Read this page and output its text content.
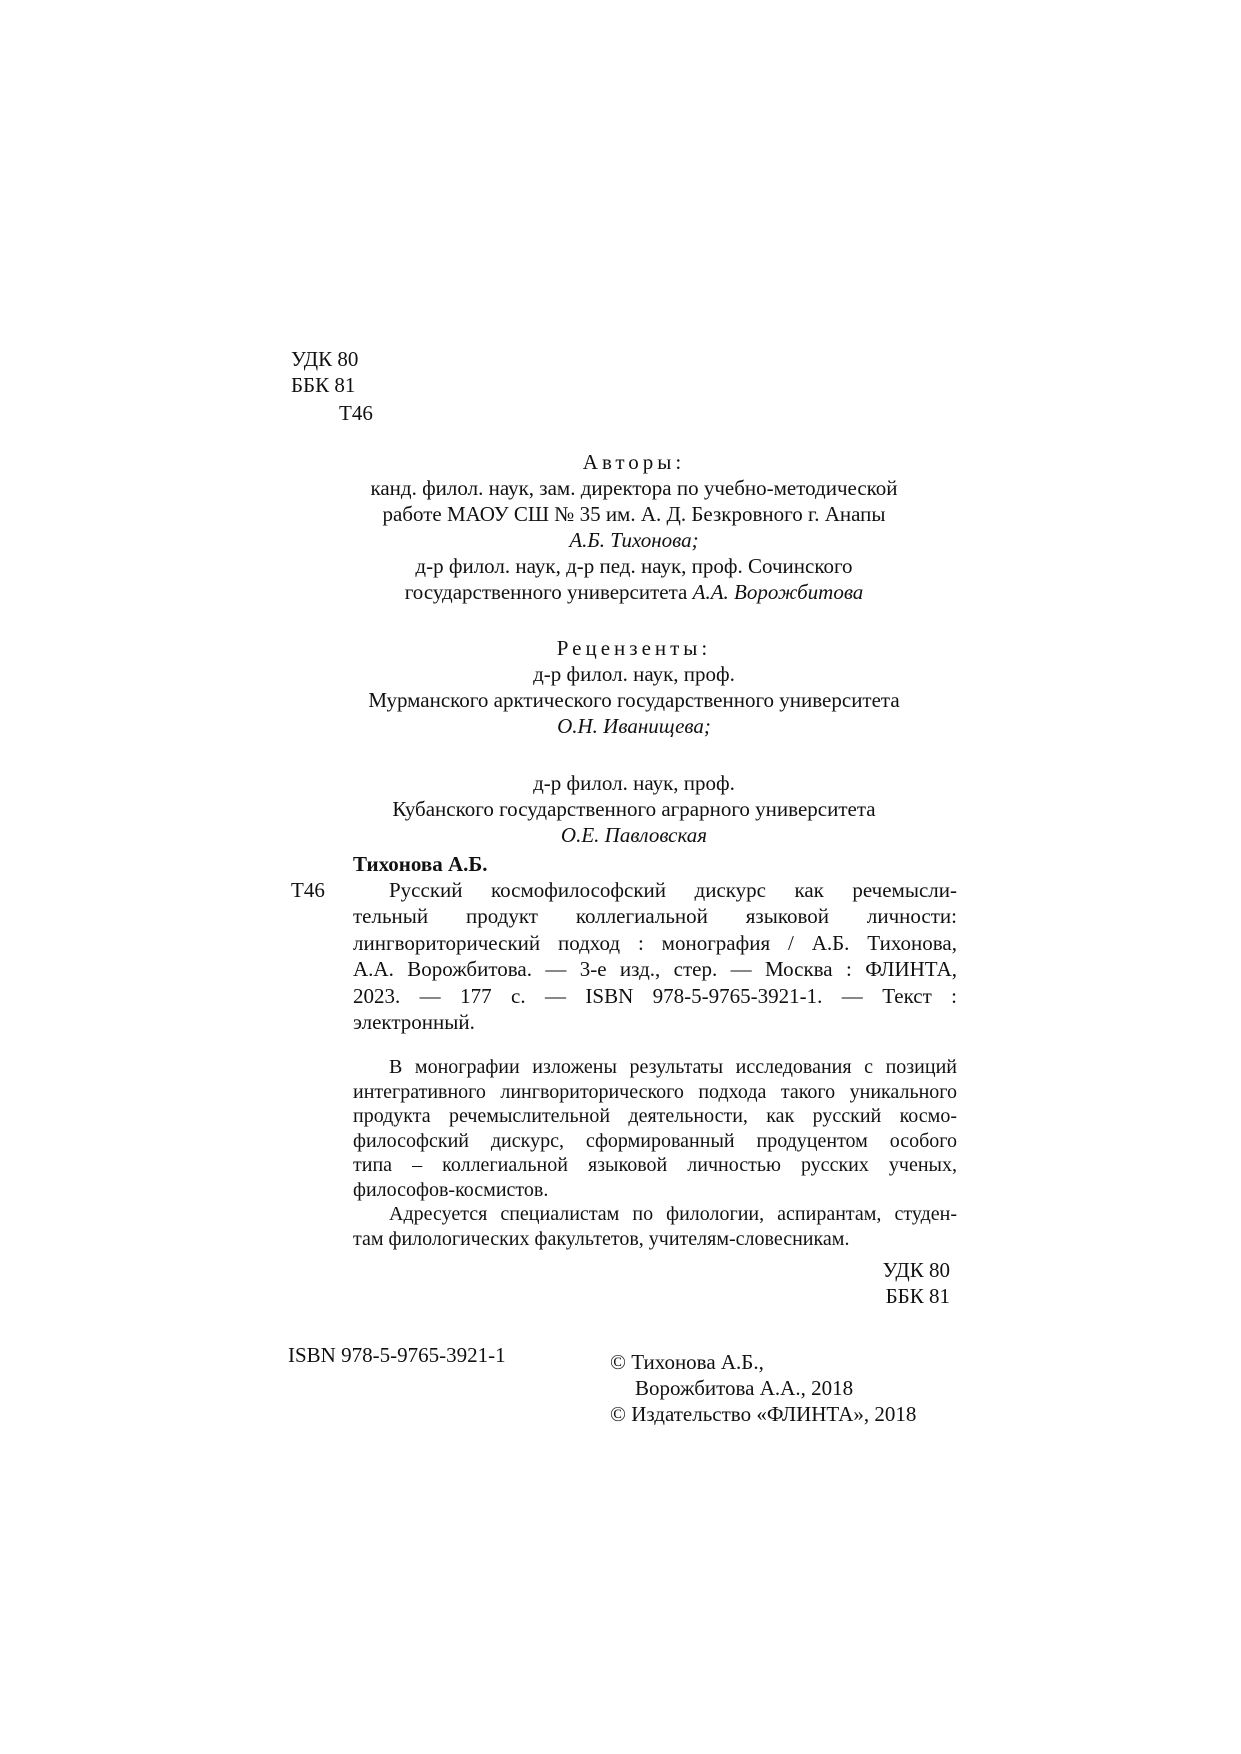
УДК 80
ББК 81
Т46
Авторы:
канд. филол. наук, зам. директора по учебно-методической
работе МАОУ СШ № 35 им. А. Д. Безкровного г. Анапы
А.Б. Тихонова;
д-р филол. наук, д-р пед. наук, проф. Сочинского
государственного университета А.А. Ворожбитова
Рецензенты:
д-р филол. наук, проф.
Мурманского арктического государственного университета
О.Н. Иванищева;
д-р филол. наук, проф.
Кубанского государственного аграрного университета
О.Е. Павловская
Тихонова А.Б.
Т46	Русский космофилософский дискурс как речемысли-
тельный продукт коллегиальной языковой личности:
лингвориторический подход : монография / А.Б. Тихонова,
А.А. Ворожбитова. — 3-е изд., стер. — Москва : ФЛИНТА,
2023. — 177 с. — ISBN 978-5-9765-3921-1. — Текст :
электронный.
В монографии изложены результаты исследования с позиций
интегративного лингвориторического подхода такого уникального
продукта речемыслительной деятельности, как русский космо-
философский дискурс, сформированный продуцентом особого
типа – коллегиальной языковой личностью русских ученых,
философов-космистов.
Адресуется специалистам по филологии, аспирантам, студен-
там филологических факультетов, учителям-словесникам.
УДК 80
ББК 81
ISBN 978-5-9765-3921-1	© Тихонова А.Б.,
Ворожбитова А.А., 2018
© Издательство «ФЛИНТА», 2018
